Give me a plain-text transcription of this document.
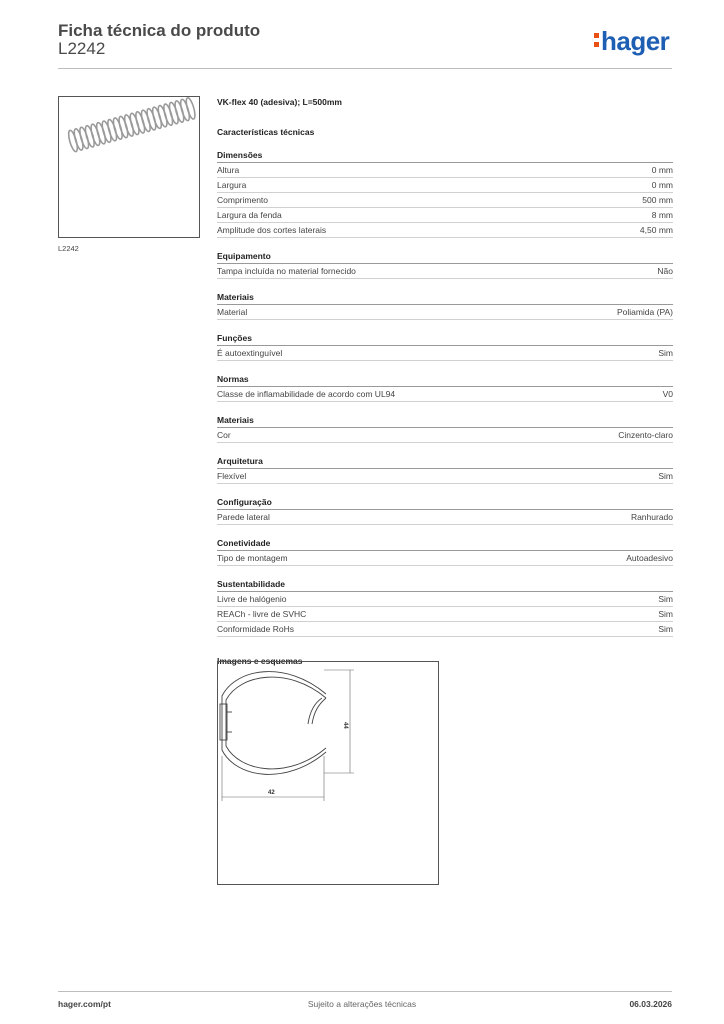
Ficha técnica do produto
L2242	hager
L2242
VK-flex 40 (adesiva); L=500mm
Características técnicas
Dimensões
Altura	0 mm
Largura	0 mm
Comprimento	500 mm
Largura da fenda	8 mm
Amplitude dos cortes laterais	4,50 mm
Equipamento
Tampa incluída no material fornecido	Não
Materiais
Material	Poliamida (PA)
Funções
É autoextinguível	Sim
Normas
Classe de inflamabilidade de acordo com UL94	V0
Materiais
Cor	Cinzento-claro
Arquitetura
Flexível	Sim
Configuração
Parede lateral	Ranhurado
Conetividade
Tipo de montagem	Autoadesivo
Sustentabilidade
Livre de halógenio	Sim
REACh - livre de SVHC	Sim
Conformidade RoHs	Sim
Imagens e esquemas
44
42
hager.com/pt	Sujeito a alterações técnicas	06.03.2026
